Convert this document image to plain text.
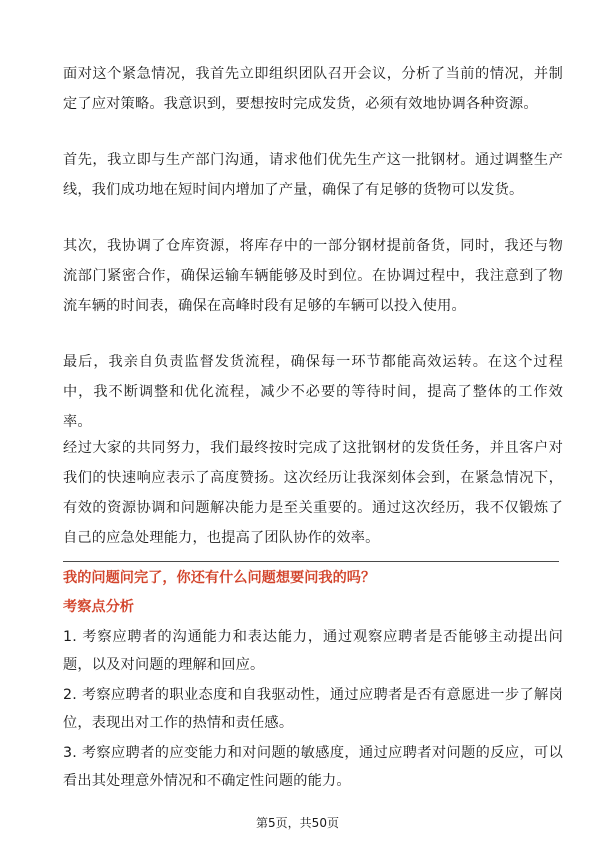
面对这个紧急情况，我首先立即组织团队召开会议，分析了当前的情况，并制定了应对策略。我意识到，要想按时完成发货，必须有效地协调各种资源。

首先，我立即与生产部门沟通，请求他们优先生产这一批钢材。通过调整生产线，我们成功地在短时间内增加了产量，确保了有足够的货物可以发货。

其次，我协调了仓库资源，将库存中的一部分钢材提前备货，同时，我还与物流部门紧密合作，确保运输车辆能够及时到位。在协调过程中，我注意到了物流车辆的时间表，确保在高峰时段有足够的车辆可以投入使用。

最后，我亲自负责监督发货流程，确保每一环节都能高效运转。在这个过程中，我不断调整和优化流程，减少不必要的等待时间，提高了整体的工作效率。

经过大家的共同努力，我们最终按时完成了这批钢材的发货任务，并且客户对我们的快速响应表示了高度赞扬。这次经历让我深刻体会到，在紧急情况下，有效的资源协调和问题解决能力是至关重要的。通过这次经历，我不仅锻炼了自己的应急处理能力，也提高了团队协作的效率。

我的问题问完了，你还有什么问题想要问我的吗？

考察点分析

1. 考察应聘者的沟通能力和表达能力，通过观察应聘者是否能够主动提出问题，以及对问题的理解和回应。

2. 考察应聘者的职业态度和自我驱动性，通过应聘者是否有意愿进一步了解岗位，表现出对工作的热情和责任感。

3. 考察应聘者的应变能力和对问题的敏感度，通过应聘者对问题的反应，可以看出其处理意外情况和不确定性问题的能力。

第5页，共50页
